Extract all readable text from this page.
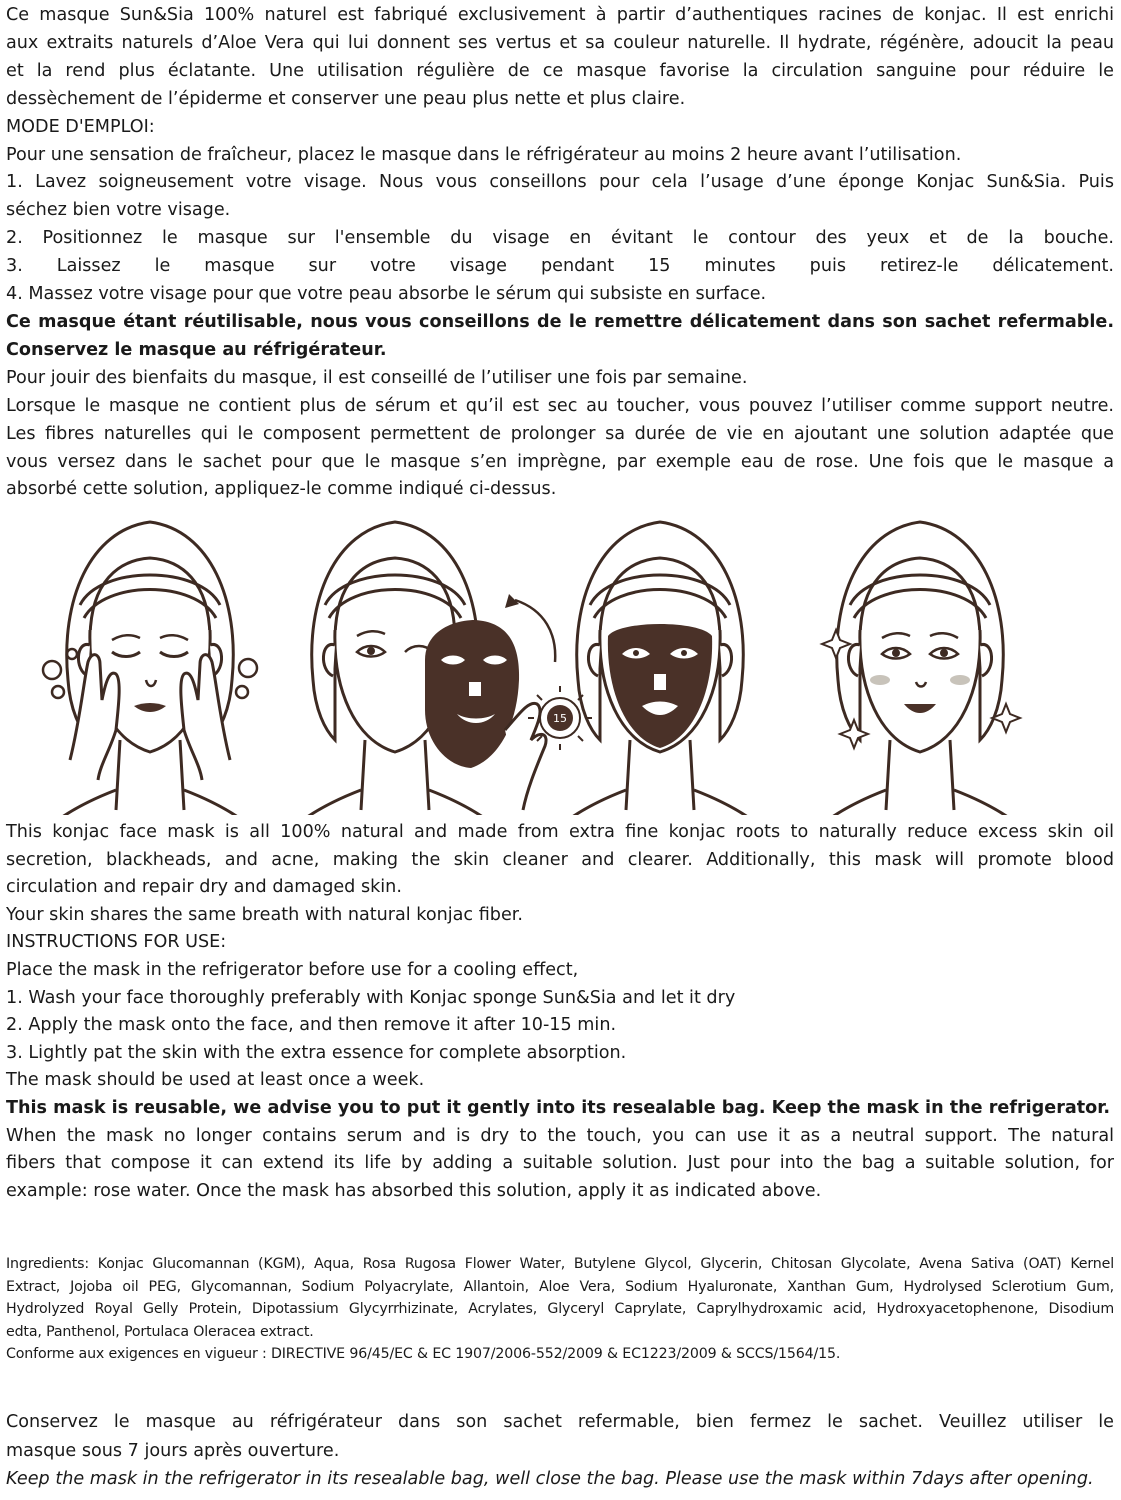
Ce masque Sun&Sia 100% naturel est fabriqué exclusivement à partir d’authentiques racines de konjac. Il est enrichi

aux extraits naturels d’Aloe Vera qui lui donnent ses vertus et sa couleur naturelle. Il hydrate, régénère, adoucit la peau

et la rend plus éclatante. Une utilisation régulière de ce masque favorise la circulation sanguine pour réduire le

dessèchement de l’épiderme et conserver une peau plus nette et plus claire.

MODE D'EMPLOI:

Pour une sensation de fraîcheur, placez le masque dans le réfrigérateur au moins 2 heure avant l’utilisation.

1. Lavez soigneusement votre visage. Nous vous conseillons pour cela l’usage d’une éponge Konjac Sun&Sia. Puis

séchez bien votre visage.

2. Positionnez le masque sur l'ensemble du visage en évitant le contour des yeux et de la bouche.

3. Laissez le masque sur votre visage pendant 15 minutes puis retirez-le délicatement.

4. Massez votre visage pour que votre peau absorbe le sérum qui subsiste en surface.

Ce masque étant réutilisable, nous vous conseillons de le remettre délicatement dans son sachet refermable.

Conservez le masque au réfrigérateur.

Pour jouir des bienfaits du masque, il est conseillé de l’utiliser une fois par semaine.

Lorsque le masque ne contient plus de sérum et qu’il est sec au toucher, vous pouvez l’utiliser comme support neutre.

Les fibres naturelles qui le composent permettent de prolonger sa durée de vie en ajoutant une solution adaptée que

vous versez dans le sachet pour que le masque s’en imprègne, par exemple eau de rose. Une fois que le masque a

absorbé cette solution, appliquez-le comme indiqué ci-dessus.

15

This konjac face mask is all 100% natural and made from extra fine konjac roots to naturally reduce excess skin oil

secretion, blackheads, and acne, making the skin cleaner and clearer. Additionally, this mask will promote blood

circulation and repair dry and damaged skin.

Your skin shares the same breath with natural konjac fiber.

INSTRUCTIONS FOR USE:

Place the mask in the refrigerator before use for a cooling effect,

1. Wash your face thoroughly preferably with Konjac sponge Sun&Sia and let it dry

2. Apply the mask onto the face, and then remove it after 10-15 min.

3. Lightly pat the skin with the extra essence for complete absorption.

The mask should be used at least once a week.

This mask is reusable, we advise you to put it gently into its resealable bag. Keep the mask in the refrigerator.

When the mask no longer contains serum and is dry to the touch, you can use it as a neutral support. The natural

fibers that compose it can extend its life by adding a suitable solution. Just pour into the bag a suitable solution, for

example: rose water. Once the mask has absorbed this solution, apply it as indicated above.

Ingredients: Konjac Glucomannan (KGM), Aqua, Rosa Rugosa Flower Water, Butylene Glycol, Glycerin, Chitosan Glycolate, Avena Sativa (OAT) Kernel

Extract, Jojoba oil PEG, Glycomannan, Sodium Polyacrylate, Allantoin, Aloe Vera, Sodium Hyaluronate, Xanthan Gum, Hydrolysed Sclerotium Gum,

Hydrolyzed Royal Gelly Protein, Dipotassium Glycyrrhizinate, Acrylates, Glyceryl Caprylate, Caprylhydroxamic acid, Hydroxyacetophenone, Disodium

edta, Panthenol, Portulaca Oleracea extract.

Conforme aux exigences en vigueur : DIRECTIVE 96/45/EC & EC 1907/2006-552/2009 & EC1223/2009 & SCCS/1564/15.

Conservez le masque au réfrigérateur dans son sachet refermable, bien fermez le sachet. Veuillez utiliser le

masque sous 7 jours après ouverture.

Keep the mask in the refrigerator in its resealable bag, well close the bag. Please use the mask within 7days after opening.
